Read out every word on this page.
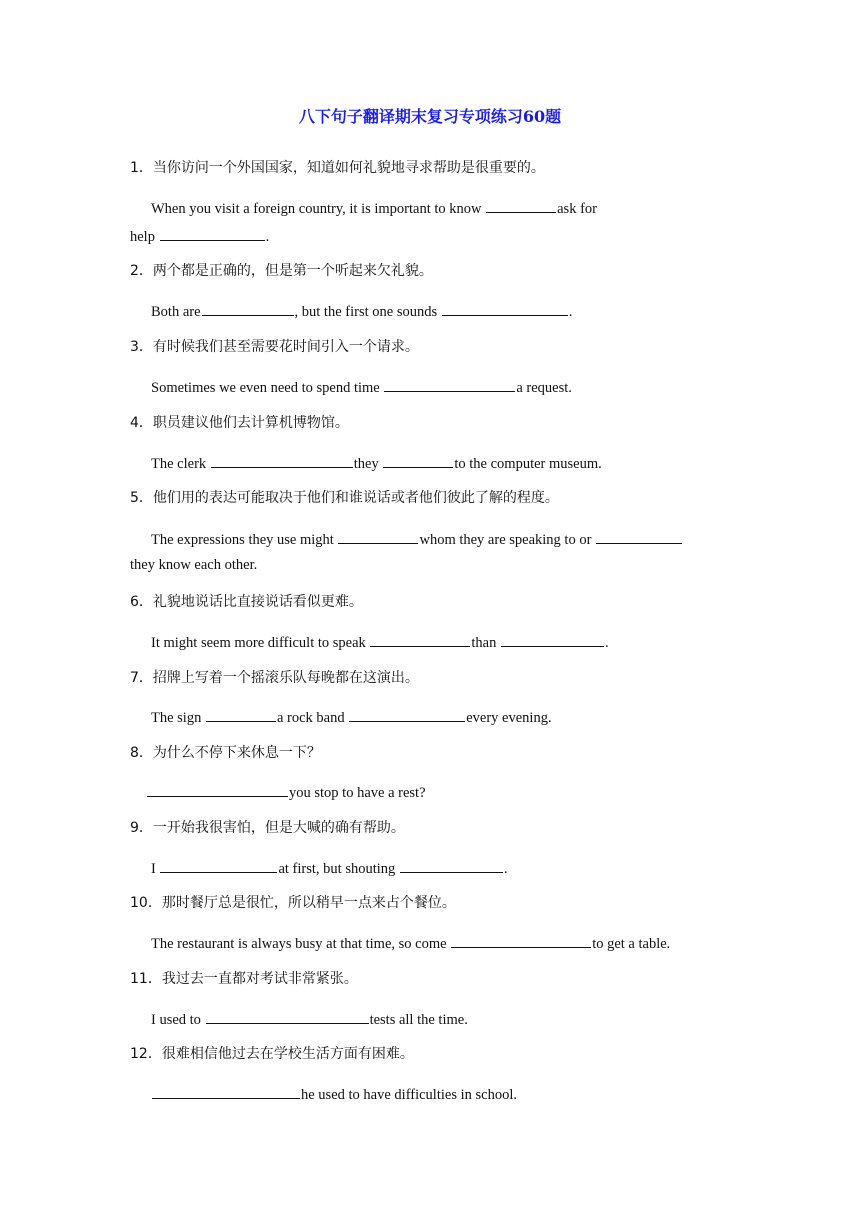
八下句子翻译期末复习专项练习60题
1．当你访问一个外国国家，知道如何礼貌地寻求帮助是很重要的。
When you visit a foreign country, it is important to know	ask for
help	.
2．两个都是正确的，但是第一个听起来欠礼貌。
Both are	, but the first one sounds	.
3．有时候我们甚至需要花时间引入一个请求。
Sometimes we even need to spend time	a request.
4．职员建议他们去计算机博物馆。
The clerk	they	to the computer museum.
5．他们用的表达可能取决于他们和谁说话或者他们彼此了解的程度。
The expressions they use might	whom they are speaking to or
they know each other.
6．礼貌地说话比直接说话看似更难。
It might seem more difficult to speak	than	.
7．招牌上写着一个摇滚乐队每晚都在这演出。
The sign	a rock band	every evening.
8．为什么不停下来休息一下？
you stop to have a rest?
9．一开始我很害怕，但是大喊的确有帮助。
I	at first, but shouting	.
10．那时餐厅总是很忙，所以稍早一点来占个餐位。
The restaurant is always busy at that time, so come	to get a table.
11．我过去一直都对考试非常紧张。
I used to	tests all the time.
12．很难相信他过去在学校生活方面有困难。
he used to have difficulties in school.
